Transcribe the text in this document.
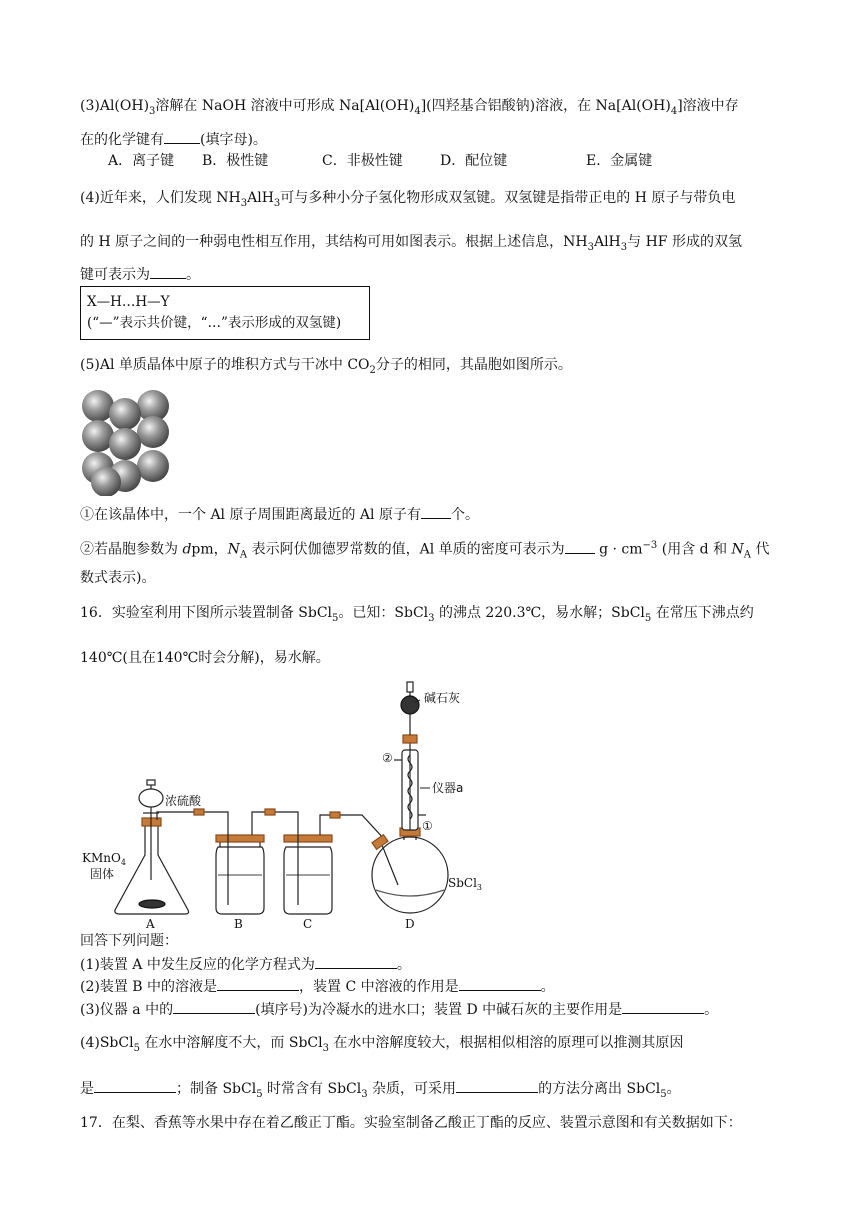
$(3)Al(OH)_3$溶解在 NaOH 溶液中可形成 $Na[Al(OH)_4]$(四羟基合铝酸钠)溶液，在 $Na[Al(OH)_4]$溶液中存
在的化学键有	(填字母)。
A．离子键 B．极性键	C．非极性键	D．配位键	E．金属键
(4)近年来，人们发现 $NH_3AlH_3$可与多种小分子氢化物形成双氢键。双氢键是指带正电的 H 原子与带负电
的 H 原子之间的一种弱电性相互作用，其结构可用如图表示。根据上述信息，$NH_3AlH_3$与 HF 形成的双氢
键可表示为	。
X—H…H—Y
(“—”表示共价键，“…”表示形成的双氢键)
(5)Al 单质晶体中原子的堆积方式与干冰中 $CO_2$分子的相同，其晶胞如图所示。
①在该晶体中，一个 Al 原子周围距离最近的 Al 原子有 个。
②若晶胞参数为 dpm，$N_A$ 表示阿伏伽德罗常数的值，Al 单质的密度可表示为 $g \cdot cm^{-3}$ (用含 d 和 $N_A$ 代
数式表示)。
16．实验室利用下图所示装置制备 SbCl$_5$。已知：SbCl$_3$ 的沸点 220.3℃，易水解；SbCl$_5$ 在常压下沸点约
140℃(且在140℃时会分解)，易水解。
碱石灰
浓硫酸
仪器a
②
①
KMnO$_4$
固体
SbCl$_3$
A	B	C	D
回答下列问题：
(1)装置 A 中发生反应的化学方程式为	。
(2)装置 B 中的溶液是	，装置 C 中溶液的作用是	。
(3)仪器 a 中的	(填序号)为冷凝水的进水口；装置 D 中碱石灰的主要作用是	。
(4)SbCl$_5$ 在水中溶解度不大，而 SbCl$_3$ 在水中溶解度较大，根据相似相溶的原理可以推测其原因
是	；制备 SbCl$_5$ 时常含有 SbCl$_3$ 杂质，可采用	的方法分离出 SbCl$_5$。
17．在梨、香蕉等水果中存在着乙酸正丁酯。实验室制备乙酸正丁酯的反应、装置示意图和有关数据如下：
